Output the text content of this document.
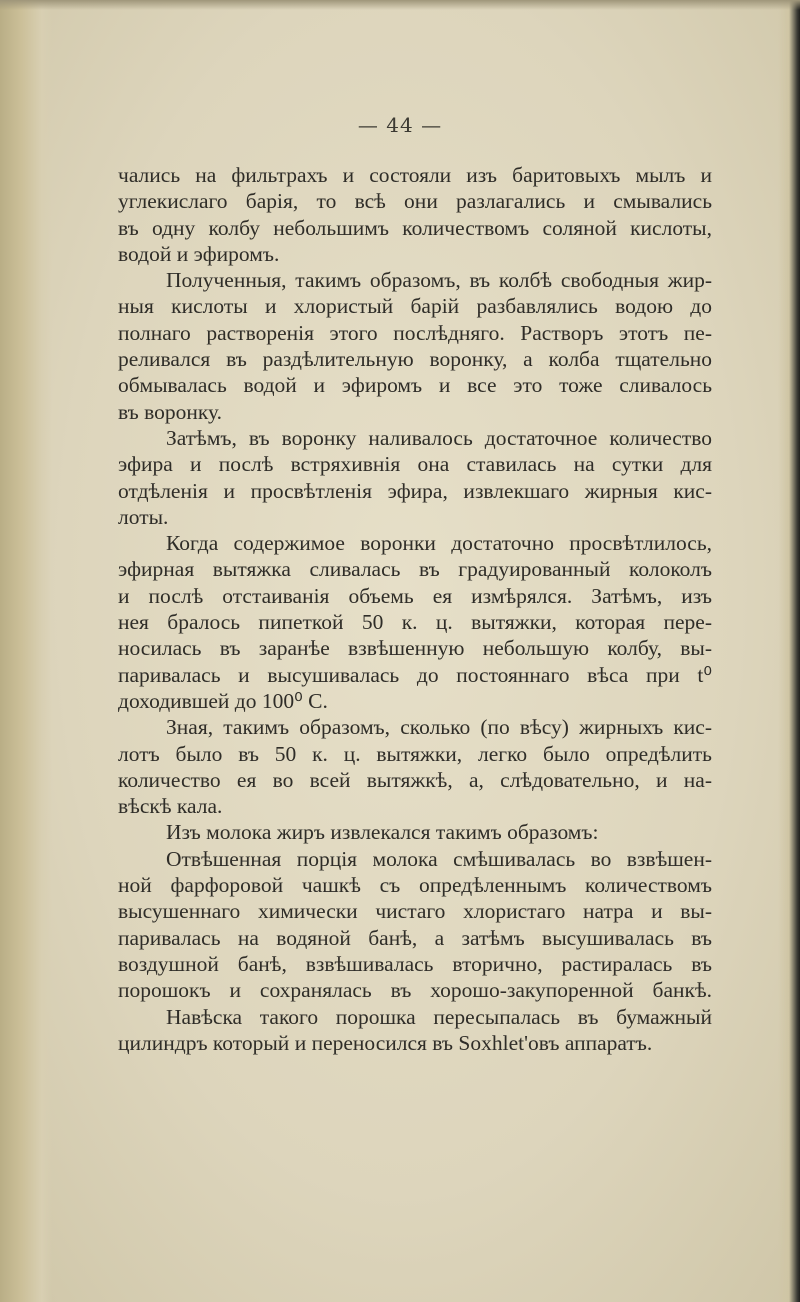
— 44 —
чались на фильтрахъ и состояли изъ баритовыхъ мылъ и
углекислаго барія, то всѣ они разлагались и смывались
въ одну колбу небольшимъ количествомъ соляной кислоты,
водой и эфиромъ.
Полученныя, такимъ образомъ, въ колбѣ свободныя жир-
ныя кислоты и хлористый барій разбавлялись водою до
полнаго растворенія этого послѣдняго. Растворъ этотъ пе-
реливался въ раздѣлительную воронку, а колба тщательно
обмывалась водой и эфиромъ и все это тоже сливалось
въ воронку.
Затѣмъ, въ воронку наливалось достаточное количество
эфира и послѣ встряхивнія она ставилась на сутки для
отдѣленія и просвѣтленія эфира, извлекшаго жирныя кис-
лоты.
Когда содержимое воронки достаточно просвѣтлилось,
эфирная вытяжка сливалась въ градуированный колоколъ
и послѣ отстаиванія объемь ея измѣрялся. Затѣмъ, изъ
нея бралось пипеткой 50 к. ц. вытяжки, которая пере-
носилась въ заранѣе взвѣшенную небольшую колбу, вы-
паривалась и высушивалась до постояннаго вѣса при t⁰
доходившей до 100⁰ С.
Зная, такимъ образомъ, сколько (по вѣсу) жирныхъ кис-
лотъ было въ 50 к. ц. вытяжки, легко было опредѣлить
количество ея во всей вытяжкѣ, а, слѣдовательно, и на-
вѣскѣ кала.
Изъ молока жиръ извлекался такимъ образомъ:
Отвѣшенная порція молока смѣшивалась во взвѣшен-
ной фарфоровой чашкѣ съ опредѣленнымъ количествомъ
высушеннаго химически чистаго хлористаго натра и вы-
паривалась на водяной банѣ, а затѣмъ высушивалась въ
воздушной банѣ, взвѣшивалась вторично, растиралась въ
порошокъ и сохранялась въ хорошо-закупоренной банкѣ.
Навѣска такого порошка пересыпалась въ бумажный
цилиндръ который и переносился въ Soxhlet'овъ аппаратъ.
